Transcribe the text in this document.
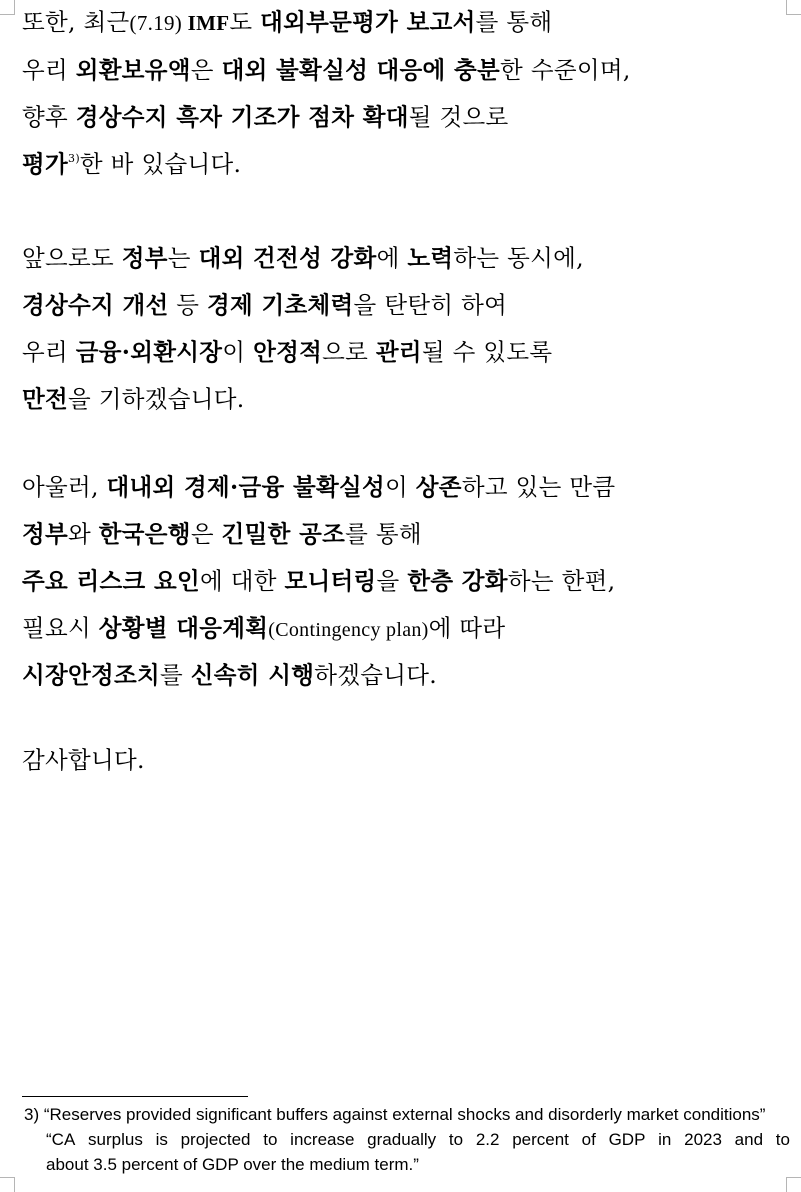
또한, 최근(7.19) IMF도 대외부문평가 보고서를 통해
우리 외환보유액은 대외 불확실성 대응에 충분한 수준이며,
향후 경상수지 흑자 기조가 점차 확대될 것으로
평가$^{3)}$한 바 있습니다.
앞으로도 정부는 대외 건전성 강화에 노력하는 동시에,
경상수지 개선 등 경제 기초체력을 탄탄히 하여
우리 금융·외환시장이 안정적으로 관리될 수 있도록
만전을 기하겠습니다.
아울러, 대내외 경제·금융 불확실성이 상존하고 있는 만큼
정부와 한국은행은 긴밀한 공조를 통해
주요 리스크 요인에 대한 모니터링을 한층 강화하는 한편,
필요시 상황별 대응계획(Contingency plan)에 따라
시장안정조치를 신속히 시행하겠습니다.
감사합니다.
3) “Reserves provided significant buffers against external shocks and disorderly market conditions”
“CA surplus is projected to increase gradually to 2.2 percent of GDP in 2023 and to
about 3.5 percent of GDP over the medium term.”
